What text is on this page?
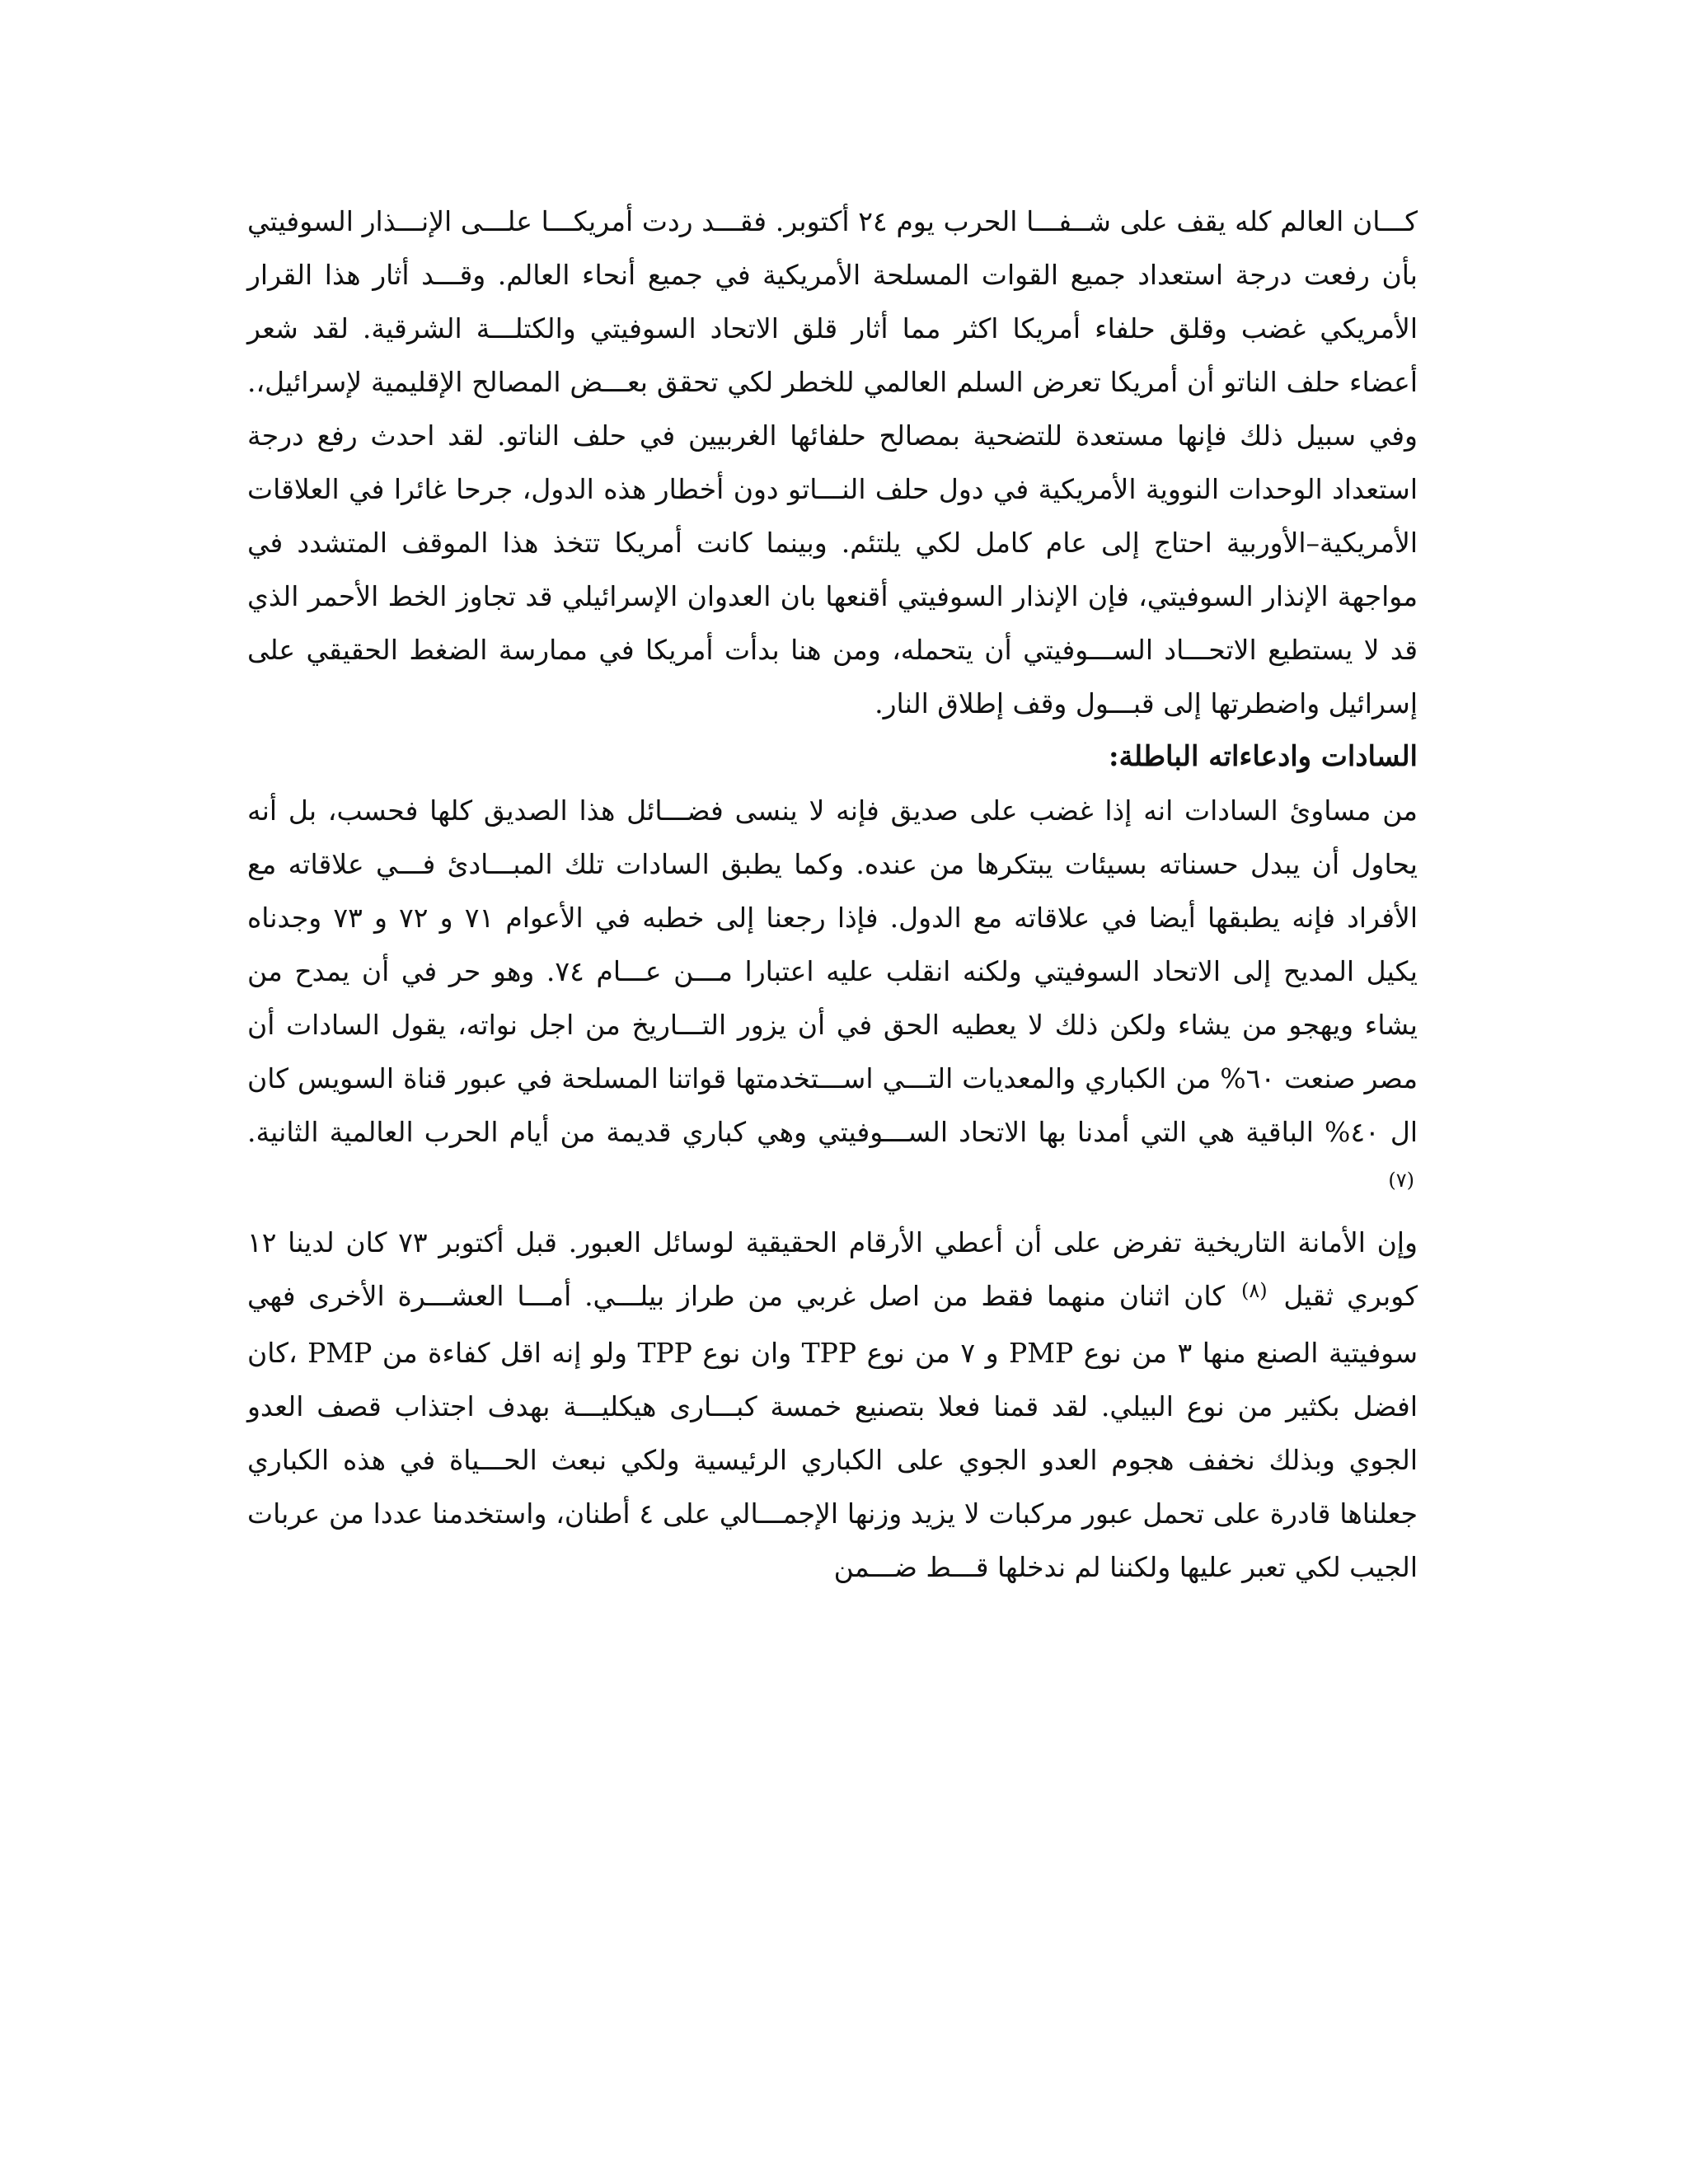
كـــان العالم كله يقف على شــفـــا الحرب يوم ٢٤ أكتوبر. فقـــد ردت أمريكـــا علـــى الإنـــذار السوفيتي بأن رفعت درجة استعداد جميع القوات المسلحة الأمريكية في جميع أنحاء العالم. وقـــد أثار هذا القرار الأمريكي غضب وقلق حلفاء أمريكا اكثر مما أثار قلق الاتحاد السوفيتي والكتلـــة الشرقية. لقد شعر أعضاء حلف الناتو أن أمريكا تعرض السلم العالمي للخطر لكي تحقق بعـــض المصالح الإقليمية لإسرائيل،. وفي سبيل ذلك فإنها مستعدة للتضحية بمصالح حلفائها الغربيين في حلف الناتو. لقد احدث رفع درجة استعداد الوحدات النووية الأمريكية في دول حلف النـــاتو دون أخطار هذه الدول، جرحا غائرا في العلاقات الأمريكية–الأوربية احتاج إلى عام كامل لكي يلتئم. وبينما كانت أمريكا تتخذ هذا الموقف المتشدد في مواجهة الإنذار السوفيتي، فإن الإنذار السوفيتي أقنعها بان العدوان الإسرائيلي قد تجاوز الخط الأحمر الذي قد لا يستطيع الاتحـــاد الســـوفيتي أن يتحمله، ومن هنا بدأت أمريكا في ممارسة الضغط الحقيقي على إسرائيل واضطرتها إلى قبـــول وقف إطلاق النار.

السادات وادعاءاته الباطلة:

من مساوئ السادات انه إذا غضب على صديق فإنه لا ينسى فضـــائل هذا الصديق كلها فحسب، بل أنه يحاول أن يبدل حسناته بسيئات يبتكرها من عنده. وكما يطبق السادات تلك المبـــادئ فـــي علاقاته مع الأفراد فإنه يطبقها أيضا في علاقاته مع الدول. فإذا رجعنا إلى خطبه في الأعوام ٧١ و ٧٢ و ٧٣ وجدناه يكيل المديح إلى الاتحاد السوفيتي ولكنه انقلب عليه اعتبارا مـــن عـــام ٧٤. وهو حر في أن يمدح من يشاء ويهجو من يشاء ولكن ذلك لا يعطيه الحق في أن يزور التـــاريخ من اجل نواته، يقول السادات أن مصر صنعت ٦٠% من الكباري والمعديات التـــي اســـتخدمتها قواتنا المسلحة في عبور قناة السويس كان ال ٤٠% الباقية هي التي أمدنا بها الاتحاد الســـوفيتي وهي كباري قديمة من أيام الحرب العالمية الثانية. $^{(٧)}$

وإن الأمانة التاريخية تفرض على أن أعطي الأرقام الحقيقية لوسائل العبور. قبل أكتوبر ٧٣ كان لدينا ١٢ كوبري ثقيل $^{(٨)}$ كان اثنان منهما فقط من اصل غربي من طراز بيلـــي. أمـــا العشـــرة الأخرى فهي سوفيتية الصنع منها ٣ من نوع PMP و ٧ من نوع TPP وان نوع TPP ولو إنه اقل كفاءة من PMP ،كان افضل بكثير من نوع البيلي. لقد قمنا فعلا بتصنيع خمسة كبـــارى هيكليـــة بهدف اجتذاب قصف العدو الجوي وبذلك نخفف هجوم العدو الجوي على الكباري الرئيسية ولكي نبعث الحـــياة في هذه الكباري جعلناها قادرة على تحمل عبور مركبات لا يزيد وزنها الإجمـــالي على ٤ أطنان، واستخدمنا عددا من عربات الجيب لكي تعبر عليها ولكننا لم ندخلها قـــط ضـــمن
